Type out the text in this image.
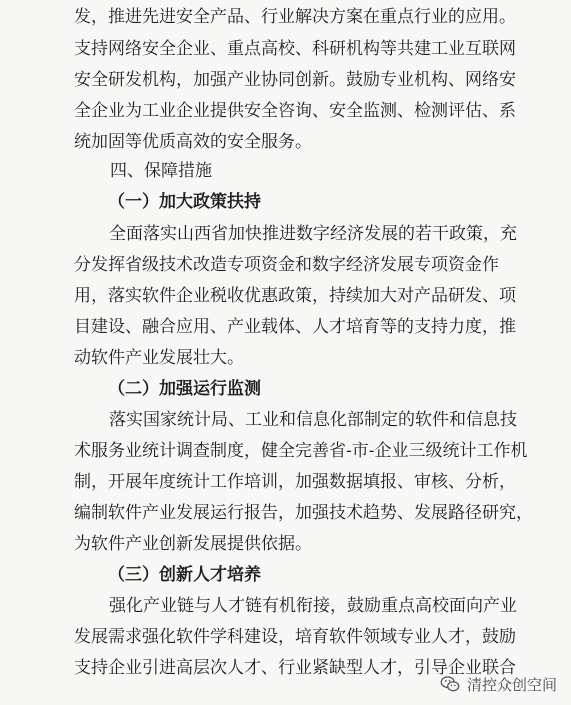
发，推进先进安全产品、行业解决方案在重点行业的应用。
支持网络安全企业、重点高校、科研机构等共建工业互联网
安全研发机构，加强产业协同创新。鼓励专业机构、网络安
全企业为工业企业提供安全咨询、安全监测、检测评估、系
统加固等优质高效的安全服务。
四、保障措施
（一）加大政策扶持
全面落实山西省加快推进数字经济发展的若干政策，充
分发挥省级技术改造专项资金和数字经济发展专项资金作
用，落实软件企业税收优惠政策，持续加大对产品研发、项
目建设、融合应用、产业载体、人才培育等的支持力度，推
动软件产业发展壮大。
（二）加强运行监测
落实国家统计局、工业和信息化部制定的软件和信息技
术服务业统计调查制度，健全完善省-市-企业三级统计工作机
制，开展年度统计工作培训，加强数据填报、审核、分析，
编制软件产业发展运行报告，加强技术趋势、发展路径研究，
为软件产业创新发展提供依据。
（三）创新人才培养
强化产业链与人才链有机衔接，鼓励重点高校面向产业
发展需求强化软件学科建设，培育软件领域专业人才，鼓励
支持企业引进高层次人才、行业紧缺型人才，引导企业联合
清控众创空间
